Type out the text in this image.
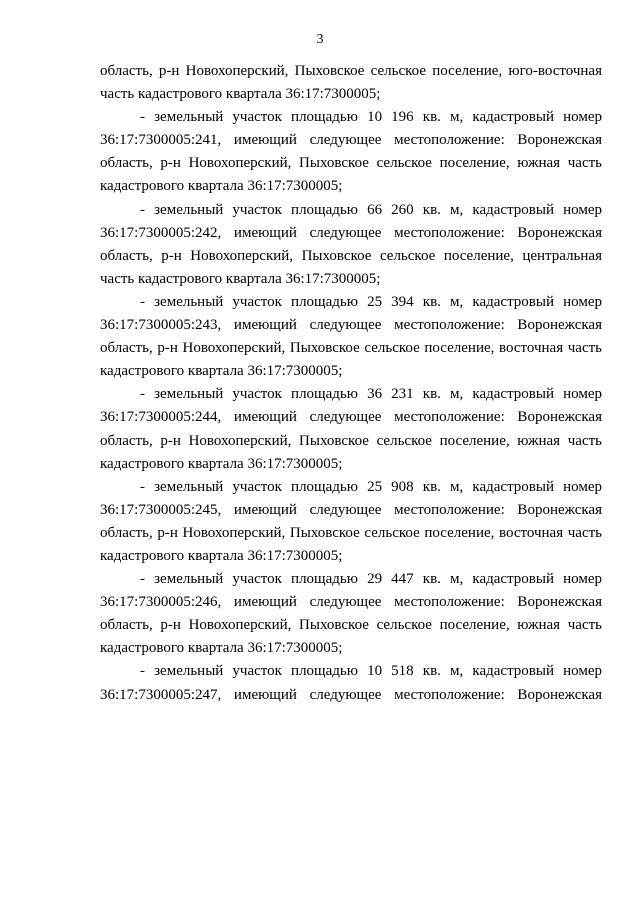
3
область, р-н Новохоперский, Пыховское сельское поселение, юго-восточная
часть кадастрового квартала 36:17:7300005;
- земельный участок площадью 10 196 кв. м, кадастровый номер
36:17:7300005:241, имеющий следующее местоположение: Воронежская
область, р-н Новохоперский, Пыховское сельское поселение, южная часть
кадастрового квартала 36:17:7300005;
- земельный участок площадью 66 260 кв. м, кадастровый номер
36:17:7300005:242, имеющий следующее местоположение: Воронежская
область, р-н Новохоперский, Пыховское сельское поселение, центральная
часть кадастрового квартала 36:17:7300005;
- земельный участок площадью 25 394 кв. м, кадастровый номер
36:17:7300005:243, имеющий следующее местоположение: Воронежская
область, р-н Новохоперский, Пыховское сельское поселение, восточная часть
кадастрового квартала 36:17:7300005;
- земельный участок площадью 36 231 кв. м, кадастровый номер
36:17:7300005:244, имеющий следующее местоположение: Воронежская
область, р-н Новохоперский, Пыховское сельское поселение, южная часть
кадастрового квартала 36:17:7300005;
- земельный участок площадью 25 908 кв. м, кадастровый номер
36:17:7300005:245, имеющий следующее местоположение: Воронежская
область, р-н Новохоперский, Пыховское сельское поселение, восточная часть
кадастрового квартала 36:17:7300005;
- земельный участок площадью 29 447 кв. м, кадастровый номер
36:17:7300005:246, имеющий следующее местоположение: Воронежская
область, р-н Новохоперский, Пыховское сельское поселение, южная часть
кадастрового квартала 36:17:7300005;
- земельный участок площадью 10 518 кв. м, кадастровый номер
36:17:7300005:247, имеющий следующее местоположение: Воронежская
